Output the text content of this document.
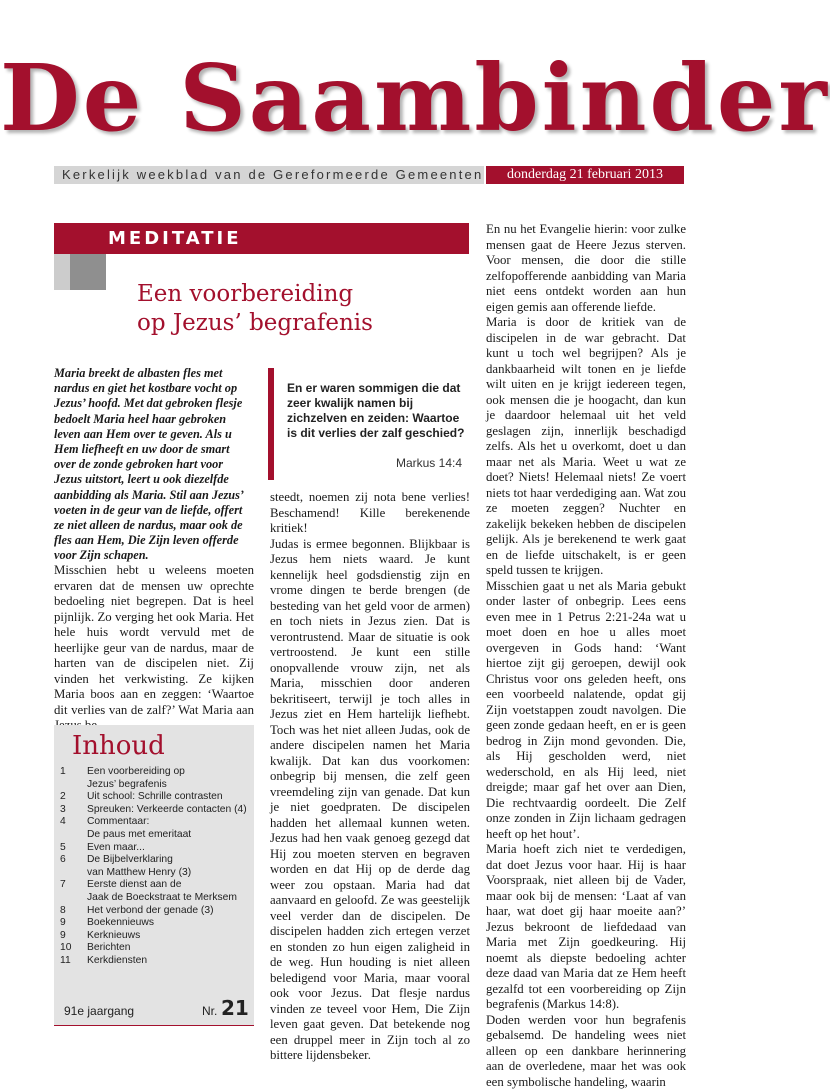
De Saambinder
Kerkelijk weekblad van de Gereformeerde Gemeenten	donderdag 21 februari 2013
MEDITATIE
Een voorbereiding
op Jezus’ begrafenis
Maria breekt de albasten fles met nardus en giet het kostbare vocht op Jezus’ hoofd. Met dat gebroken flesje bedoelt Maria heel haar gebroken leven aan Hem over te geven. Als u Hem liefheeft en uw door de smart over de zonde gebroken hart voor Jezus uitstort, leert u ook diezelfde aanbidding als Maria. Stil aan Jezus’ voeten in de geur van de liefde, offert ze niet alleen de nardus, maar ook de fles aan Hem, Die Zijn leven offerde voor Zijn schapen.
Misschien hebt u weleens moeten ervaren dat de mensen uw oprechte bedoeling niet begrepen. Dat is heel pijnlijk. Zo verging het ook Maria. Het hele huis wordt vervuld met de heerlijke geur van de nardus, maar de harten van de discipelen niet. Zij vinden het verkwisting. Ze kijken Maria boos aan en zeggen: ‘Waartoe dit verlies van de zalf?’ Wat Maria aan
En er waren sommigen die dat zeer kwalijk namen bij zichzelven en zeiden: Waartoe is dit verlies der zalf geschied?
Markus 14:4
steedt, noemen zij nota bene verlies! Beschamend! Kille berekenende kritiek!
Judas is ermee begonnen. Blijkbaar is Jezus hem niets waard. Je kunt kennelijk heel godsdienstig zijn en vrome dingen te berde brengen (de besteding van het geld voor de armen) en toch niets in Jezus zien. Dat is verontrustend. Maar de situatie is ook vertroostend. Je kunt een stille onopvallende vrouw zijn, net als Maria, misschien door anderen bekritiseert, terwijl je toch alles in Jezus ziet en Hem hartelijk liefhebt. Toch was het niet alleen Judas, ook de andere discipelen namen het Maria kwalijk. Dat kan dus voorkomen: onbegrip bij mensen, die zelf geen vreemdeling zijn van genade. Dat kun je niet goedpraten. De discipelen hadden het allemaal kunnen weten. Jezus had hen vaak genoeg gezegd dat Hij zou moeten sterven en begraven worden en dat Hij op de derde dag weer zou opstaan. Maria had dat aanvaard en geloofd. Ze was geestelijk veel verder dan de discipelen. De discipelen hadden zich ertegen verzet en stonden zo hun eigen zaligheid in de weg. Hun houding is niet alleen beledigend voor Maria, maar vooral ook voor Jezus. Dat flesje nardus vinden ze teveel voor Hem, Die Zijn leven gaat geven. Dat betekende nog een druppel meer in Zijn toch al zo bittere lijdensbeker.
En nu het Evangelie hierin: voor zulke mensen gaat de Heere Jezus sterven. Voor mensen, die door die stille zelfopofferende aanbidding van Maria niet eens ontdekt worden aan hun eigen gemis aan offerende liefde.
Maria is door de kritiek van de discipelen in de war gebracht. Dat kunt u toch wel begrijpen? Als je dankbaarheid wilt tonen en je liefde wilt uiten en je krijgt iedereen tegen, ook mensen die je hoogacht, dan kun je daardoor helemaal uit het veld geslagen zijn, innerlijk beschadigd zelfs. Als het u overkomt, doet u dan maar net als Maria. Weet u wat ze doet? Niets! Helemaal niets! Ze voert niets tot haar verdediging aan. Wat zou ze moeten zeggen? Nuchter en zakelijk bekeken hebben de discipelen gelijk. Als je berekenend te werk gaat en de liefde uitschakelt, is er geen speld tussen te krijgen.
Misschien gaat u net als Maria gebukt onder laster of onbegrip. Lees eens even mee in 1 Petrus 2:21-24a wat u moet doen en hoe u alles moet overgeven in Gods hand: ‘Want hiertoe zijt gij geroepen, dewijl ook Christus voor ons geleden heeft, ons een voorbeeld nalatende, opdat gij Zijn voetstappen zoudt navolgen. Die geen zonde gedaan heeft, en er is geen bedrog in Zijn mond gevonden. Die, als Hij gescholden werd, niet wederschold, en als Hij leed, niet dreigde; maar gaf het over aan Dien, Die rechtvaardig oordeelt. Die Zelf onze zonden in Zijn lichaam gedragen heeft op het hout’.
Maria hoeft zich niet te verdedigen, dat doet Jezus voor haar. Hij is haar Voorspraak, niet alleen bij de Vader, maar ook bij de mensen: ‘Laat af van haar, wat doet gij haar moeite aan?’ Jezus bekroont de liefdedaad van Maria met Zijn goedkeuring. Hij noemt als diepste bedoeling achter deze daad van Maria dat ze Hem heeft gezalfd tot een voorbereiding op Zijn begrafenis (Markus 14:8).
Doden werden voor hun begrafenis gebalsemd. De handeling wees niet alleen op een dankbare herinnering aan de overledene, maar het was ook een symbolische handeling, waarin
Inhoud
1	Een voorbereiding op
Jezus’ begrafenis
2	Uit school: Schrille contrasten
3	Spreuken: Verkeerde contacten (4)
4	Commentaar:
De paus met emeritaat
5	Even maar...
6	De Bijbelverklaring
van Matthew Henry (3)
7	Eerste dienst aan de
Jaak de Boeckstraat te Merksem
8	Het verbond der genade (3)
9	Boekennieuws
9	Kerknieuws
10	Berichten
11	Kerkdiensten
91e jaargang	Nr. 21
